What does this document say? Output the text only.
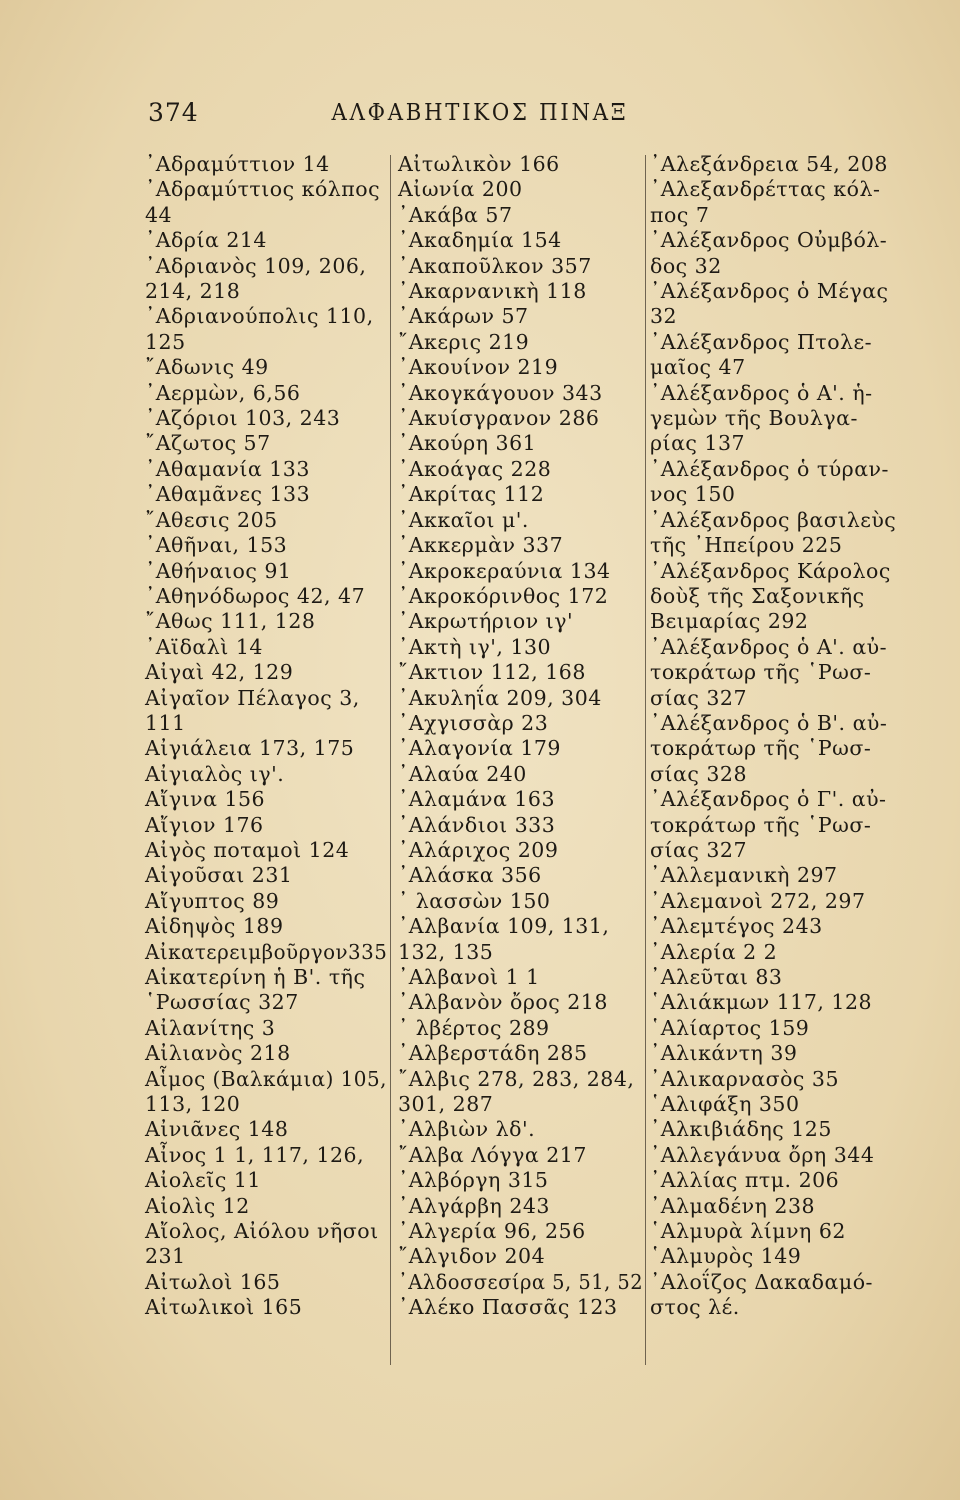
374	ΑΛΦΑΒΗΤΙΚΟΣ ΠΙΝΑΞ
᾿Αδραμύττιον 14
᾿Αδραμύττιος κόλπος
44
᾿Αδρία 214
᾿Αδριανὸς 109, 206,
214, 218
᾿Αδριανούπολις 110,
125
῎Αδωνις 49
᾿Αερμὼν, 6,56
᾿Αζόριοι 103, 243
῎Αζωτος 57
᾿Αθαμανία 133
᾿Αθαμᾶνες 133
῎Αθεσις 205
᾿Αθῆναι, 153
᾿Αθήναιος 91
᾿Αθηνόδωρος 42, 47
῎Αθως 111, 128
᾿Αϊδαλὶ 14
Αἰγαὶ 42, 129
Αἰγαῖον Πέλαγος 3,
111
Αἰγιάλεια 173, 175
Αἰγιαλὸς ιγ'.
Αἴγινα 156
Αἴγιον 176
Αἰγὸς ποταμοὶ 124
Αἰγοῦσαι 231
Αἴγυπτος 89
Αἰδηψὸς 189
Αἰκατερειμβοῦργον335
Αἰκατερίνη ἡ Β'. τῆς
῾Ρωσσίας 327
Αἰλανίτης 3
Αἰλιανὸς 218
Αἷμος (Βαλκάμια) 105,
113, 120
Αἰνιᾶνες 148
Αἶνος 1 1, 117, 126,
Αἰολεῖς 11
Αἰολὶς 12
Αἴολος, Αἰόλου νῆσοι
231
Αἰτωλοὶ 165
Αἰτωλικοὶ 165
Αἰτωλικὸν 166
Αἰωνία 200
᾿Ακάβα 57
᾿Ακαδημία 154
᾿Ακαποῦλκον 357
᾿Ακαρνανικὴ 118
᾿Ακάρων 57
῎Ακερις 219
᾿Ακουίνον 219
᾿Ακογκάγουον 343
᾿Ακυίσγρανον 286
᾿Ακούρη 361
᾿Ακοάγας 228
᾿Ακρίτας 112
᾿Ακκαῖοι μ'.
᾿Ακκερμὰν 337
᾿Ακροκεραύνια 134
᾿Ακροκόρινθος 172
᾿Ακρωτήριον ιγ'
᾿Ακτὴ ιγ', 130
῎Ακτιον 112, 168
᾿Ακυληΐα 209, 304
᾿Αχγισσὰρ 23
᾿Αλαγονία 179
᾿Αλαύα 240
᾿Αλαμάνα 163
᾿Αλάνδιοι 333
᾿Αλάριχος 209
᾿Αλάσκα 356
᾿ λασσὼν 150
᾿Αλβανία 109, 131,
132, 135
᾿Αλβανοὶ 1 1
᾿Αλβανὸν ὄρος 218
᾿ λβέρτος 289
᾿Αλβερστάδη 285
῎Αλβις 278, 283, 284,
301, 287
᾿Αλβιὼν λδ'.
῎Αλβα Λόγγα 217
᾿Αλβόργη 315
᾿Αλγάρβη 243
᾿Αλγερία 96, 256
῎Αλγιδον 204
᾿Αλδοσσεσίρα 5, 51, 52
᾿Αλέκο Πασσᾶς 123
᾿Αλεξάνδρεια 54, 208
᾿Αλεξανδρέττας κόλ-
πος 7
᾿Αλέξανδρος Οὐμβόλ-
δος 32
᾿Αλέξανδρος ὁ Μέγας
32
᾿Αλέξανδρος Πτολε-
μαῖος 47
᾿Αλέξανδρος ὁ Α'. ἡ-
γεμὼν τῆς Βουλγα-
ρίας 137
᾿Αλέξανδρος ὁ τύραν-
νος 150
᾿Αλέξανδρος βασιλεὺς
τῆς ᾿Ηπείρου 225
᾿Αλέξανδρος Κάρολος
δοὺξ τῆς Σαξονικῆς
Βειμαρίας 292
᾿Αλέξανδρος ὁ Α'. αὐ-
τοκράτωρ τῆς ῾Ρωσ-
σίας 327
᾿Αλέξανδρος ὁ Β'. αὐ-
τοκράτωρ τῆς ῾Ρωσ-
σίας 328
᾿Αλέξανδρος ὁ Γ'. αὐ-
τοκράτωρ τῆς ῾Ρωσ-
σίας 327
᾿Αλλεμανικὴ 297
᾿Αλεμανοὶ 272, 297
᾿Αλεμτέγος 243
᾿Αλερία 2 2
᾿Αλεῦται 83
῾Αλιάκμων 117, 128
῾Αλίαρτος 159
᾿Αλικάντη 39
᾿Αλικαρνασὸς 35
῾Αλιφάξη 350
᾿Αλκιβιάδης 125
᾿Αλλεγάνυα ὄρη 344
᾿Αλλίας πτμ. 206
᾿Αλμαδένη 238
῾Αλμυρὰ λίμνη 62
῾Αλμυρὸς 149
᾿Αλοΐζος Δακαδαμό-
στος λέ.
